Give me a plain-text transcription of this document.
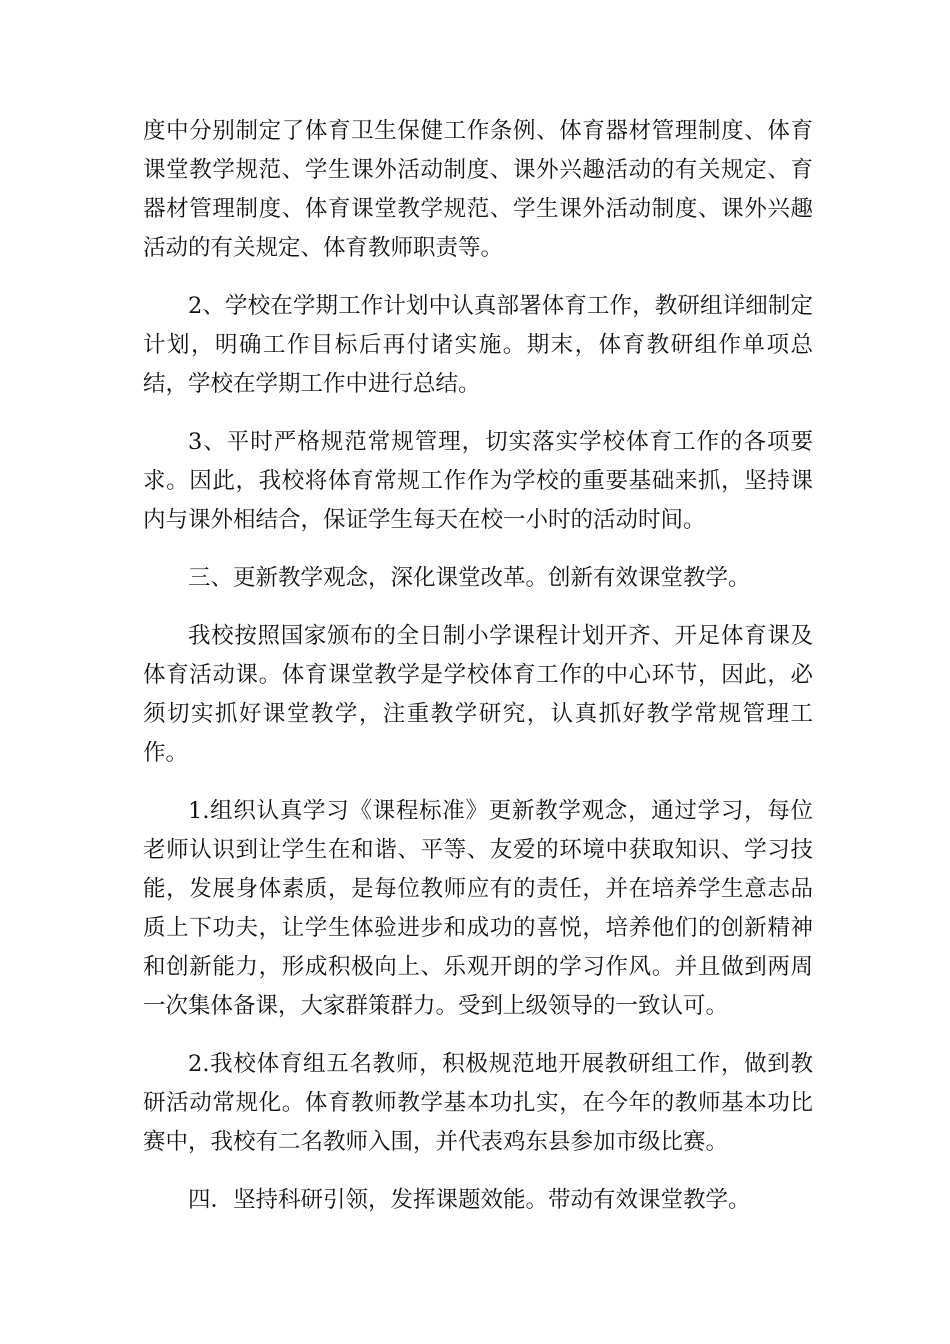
度中分别制定了体育卫生保健工作条例、体育器材管理制度、体育课堂教学规范、学生课外活动制度、课外兴趣活动的有关规定、育器材管理制度、体育课堂教学规范、学生课外活动制度、课外兴趣活动的有关规定、体育教师职责等。

2、学校在学期工作计划中认真部署体育工作，教研组详细制定计划，明确工作目标后再付诸实施。期末，体育教研组作单项总结，学校在学期工作中进行总结。

3、平时严格规范常规管理，切实落实学校体育工作的各项要求。因此，我校将体育常规工作作为学校的重要基础来抓，坚持课内与课外相结合，保证学生每天在校一小时的活动时间。

三、更新教学观念，深化课堂改革。创新有效课堂教学。

我校按照国家颁布的全日制小学课程计划开齐、开足体育课及体育活动课。体育课堂教学是学校体育工作的中心环节，因此，必须切实抓好课堂教学，注重教学研究，认真抓好教学常规管理工作。

1.组织认真学习《课程标准》更新教学观念，通过学习，每位老师认识到让学生在和谐、平等、友爱的环境中获取知识、学习技能，发展身体素质，是每位教师应有的责任，并在培养学生意志品质上下功夫，让学生体验进步和成功的喜悦，培养他们的创新精神和创新能力，形成积极向上、乐观开朗的学习作风。并且做到两周一次集体备课，大家群策群力。受到上级领导的一致认可。

2.我校体育组五名教师，积极规范地开展教研组工作，做到教研活动常规化。体育教师教学基本功扎实，在今年的教师基本功比赛中，我校有二名教师入围，并代表鸡东县参加市级比赛。

四．坚持科研引领，发挥课题效能。带动有效课堂教学。
